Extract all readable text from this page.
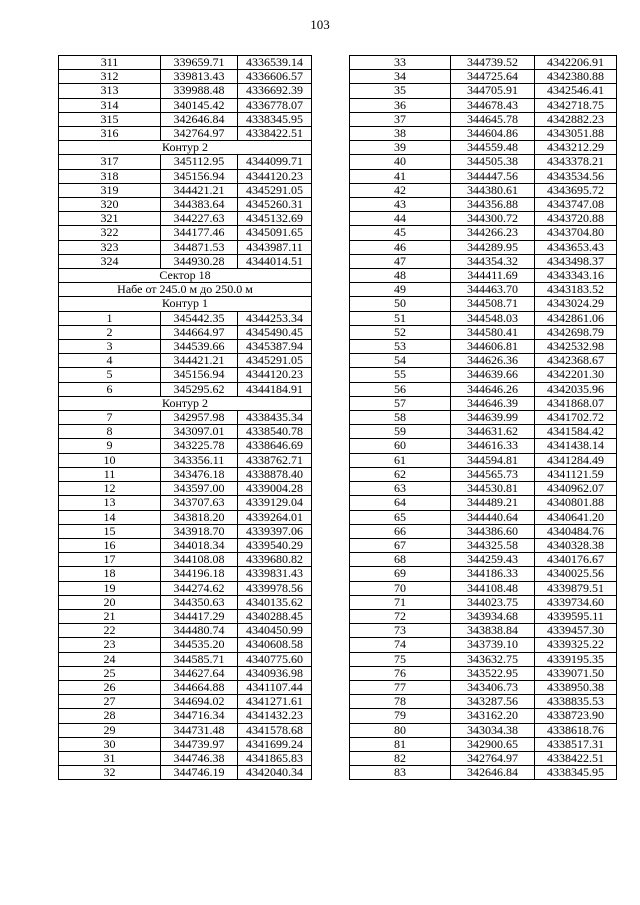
103
311	339659.71	4336539.14
312	339813.43	4336606.57
313	339988.48	4336692.39
314	340145.42	4336778.07
315	342646.84	4338345.95
316	342764.97	4338422.51
Контур 2		
317	345112.95	4344099.71
318	345156.94	4344120.23
319	344421.21	4345291.05
320	344383.64	4345260.31
321	344227.63	4345132.69
322	344177.46	4345091.65
323	344871.53	4343987.11
324	344930.28	4344014.51
Сектор 18		
Набе от 245.0 м до 250.0 м		
Контур 1		
1	345442.35	4344253.34
2	344664.97	4345490.45
3	344539.66	4345387.94
4	344421.21	4345291.05
5	345156.94	4344120.23
6	345295.62	4344184.91
Контур 2		
7	342957.98	4338435.34
8	343097.01	4338540.78
9	343225.78	4338646.69
10	343356.11	4338762.71
11	343476.18	4338878.40
12	343597.00	4339004.28
13	343707.63	4339129.04
14	343818.20	4339264.01
15	343918.70	4339397.06
16	344018.34	4339540.29
17	344108.08	4339680.82
18	344196.18	4339831.43
19	344274.62	4339978.56
20	344350.63	4340135.62
21	344417.29	4340288.45
22	344480.74	4340450.99
23	344535.20	4340608.58
24	344585.71	4340775.60
25	344627.64	4340936.98
26	344664.88	4341107.44
27	344694.02	4341271.61
28	344716.34	4341432.23
29	344731.48	4341578.68
30	344739.97	4341699.24
31	344746.38	4341865.83
32	344746.19	4342040.34
33	344739.52	4342206.91
34	344725.64	4342380.88
35	344705.91	4342546.41
36	344678.43	4342718.75
37	344645.78	4342882.23
38	344604.86	4343051.88
39	344559.48	4343212.29
40	344505.38	4343378.21
41	344447.56	4343534.56
42	344380.61	4343695.72
43	344356.88	4343747.08
44	344300.72	4343720.88
45	344266.23	4343704.80
46	344289.95	4343653.43
47	344354.32	4343498.37
48	344411.69	4343343.16
49	344463.70	4343183.52
50	344508.71	4343024.29
51	344548.03	4342861.06
52	344580.41	4342698.79
53	344606.81	4342532.98
54	344626.36	4342368.67
55	344639.66	4342201.30
56	344646.26	4342035.96
57	344646.39	4341868.07
58	344639.99	4341702.72
59	344631.62	4341584.42
60	344616.33	4341438.14
61	344594.81	4341284.49
62	344565.73	4341121.59
63	344530.81	4340962.07
64	344489.21	4340801.88
65	344440.64	4340641.20
66	344386.60	4340484.76
67	344325.58	4340328.38
68	344259.43	4340176.67
69	344186.33	4340025.56
70	344108.48	4339879.51
71	344023.75	4339734.60
72	343934.68	4339595.11
73	343838.84	4339457.30
74	343739.10	4339325.22
75	343632.75	4339195.35
76	343522.95	4339071.50
77	343406.73	4338950.38
78	343287.56	4338835.53
79	343162.20	4338723.90
80	343034.38	4338618.76
81	342900.65	4338517.31
82	342764.97	4338422.51
83	342646.84	4338345.95
